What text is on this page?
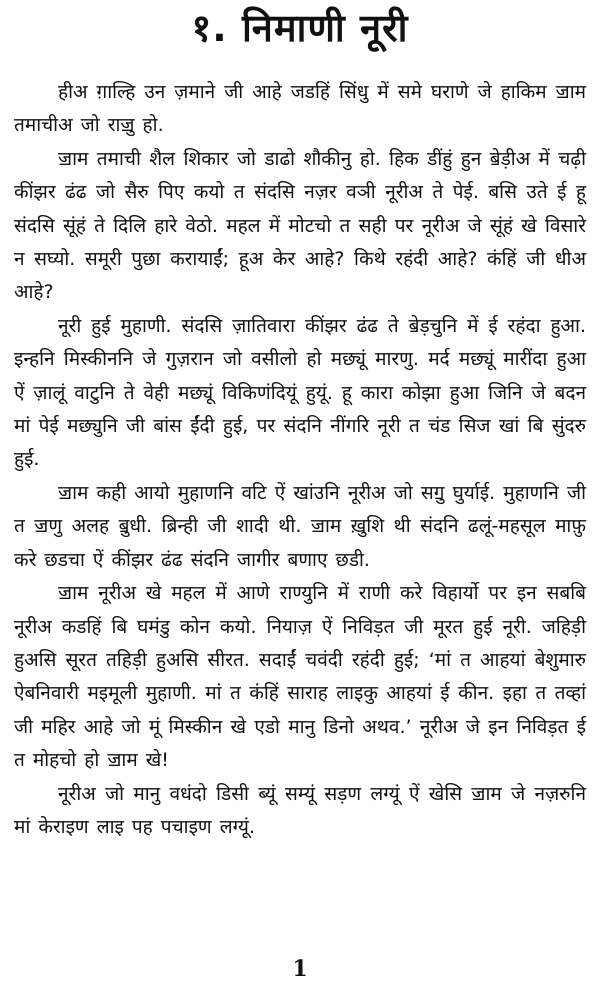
१. निमाणी नूरी

हीअ ग़ाल्हि उन ज़माने जी आहे जडहिं सिंधु में समे घराणे जे हाकिम ॼाम तमाचीअ जो राॼु हो.

ॼाम तमाची शैल शिकार जो डाढो शौकीनु हो. हिक डींहुं हुन ॿेड़ीअ में चढ़ी कींझर ढंढ जो सैरु पिए कयो त संदसि नज़र वञी नूरीअ ते पेई. बसि उते ई हू संदसि सूंहं ते दिलि हारे वेठो. महल में मोटचो त सही पर नूरीअ जे सूंहं खे विसारे न सघ्यो. समूरी पुछा करायाईं; हूअ केर आहे? किथे रहंदी आहे? कंहिं जी धीअ आहे?

नूरी हुई मुहाणी. संदसि ज़ातिवारा कींझर ढंढ ते ॿेड़चुनि में ई रहंदा हुआ. इन्हनि मिस्कीननि जे गुज़रान जो वसीलो हो मछ्यूं मारणु. मर्द मछ्यूं मारींदा हुआ ऐं ज़ालूं वाटुनि ते वेही मछ्यूं विकिणंदियूं हुयूं. हू कारा कोझा हुआ जिनि जे बदन मां पेई मछ्युनि जी बांस ईंदी हुई, पर संदनि नींगरि नूरी त चंड सिज खां बि सुंदरु हुई.

ॼाम कही आयो मुहाणनि वटि ऐं खांउनि नूरीअ जो सॻु घुर्याई. मुहाणनि जी त ॼणु अलह ॿुधी. ब्रिन्ही जी शादी थी. ॼाम ख़ुशि थी संदनि ढलूं-महसूल माफ़ु करे छडचा ऐं कींझर ढंढ संदनि जागीर बणाए छडी.

ॼाम नूरीअ खे महल में आणे राण्युनि में राणी करे विहार्यो पर इन सबबि नूरीअ कडहिं बि घमंडु कोन कयो. नियाज़ ऐं निविड़त जी मूरत हुई नूरी. जहिड़ी हुअसि सूरत तहिड़ी हुअसि सीरत. सदाईं चवंदी रहंदी हुई; ‘मां त आहयां बेशुमारु ऐबनिवारी मइमूली मुहाणी. मां त कंहिं साराह लाइकु आहयां ई कीन. इहा त तव्हां जी महिर आहे जो मूं मिस्कीन खे एडो मानु डिनो अथव.’ नूरीअ जे इन निविड़त ई त मोहचो हो ॼाम खे!

नूरीअ जो मानु वधंदो डिसी ब्यूं सम्यूं सड़ण लग्यूं ऐं खेसि ॼाम जे नज़रुनि मां केराइण लाइ पह पचाइण लग्यूं.

1
